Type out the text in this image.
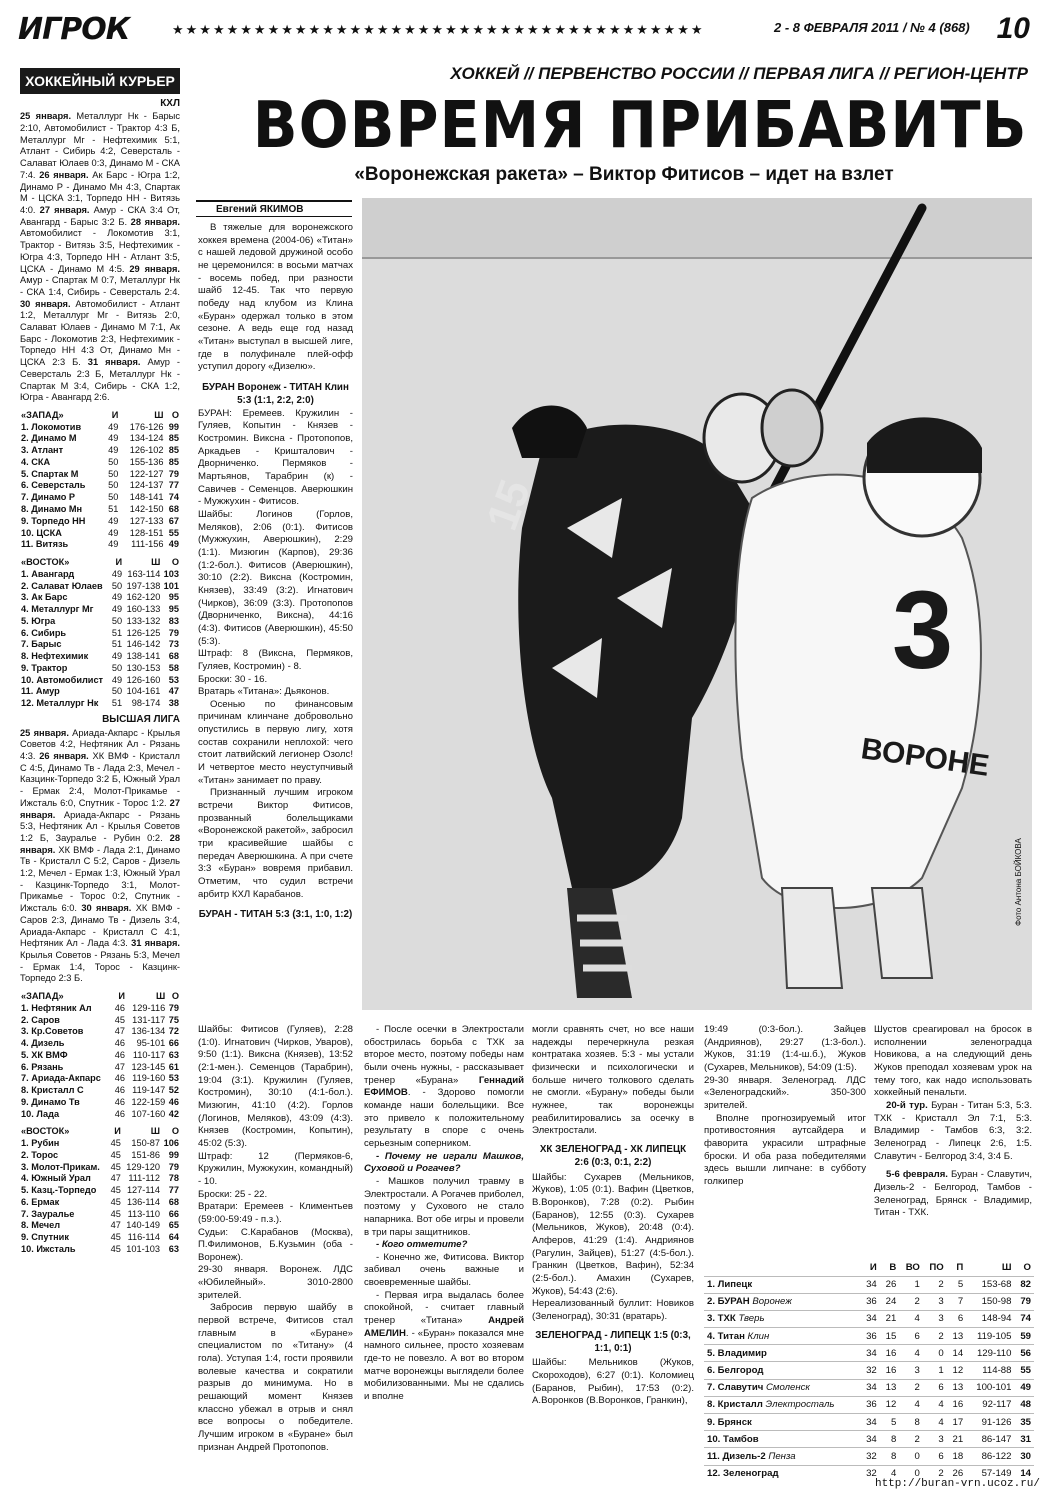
ИГРОК	★★★★★★★★★★★★★★★★★★★★★★★★★★★★★★★★★★★★★★★	2 - 8 ФЕВРАЛЯ 2011 / № 4 (868) 10
ХОККЕЙ // ПЕРВЕНСТВО РОССИИ // ПЕРВАЯ ЛИГА // РЕГИОН-ЦЕНТР
ВОВРЕМЯ ПРИБАВИТЬ
«Воронежская ракета» – Виктор Фитисов – идет на взлет
ХОККЕЙНЫЙ КУРЬЕР
КХЛ
25 января. Металлург Нк - Барыс 2:10, Автомобилист - Трактор 4:3 Б, Металлург Мг - Нефтехимик 5:1, Атлант - Сибирь 4:2, Северсталь - Салават Юлаев 0:3, Динамо М - СКА 7:4. 26 января. Ак Барс - Югра 1:2, Динамо Р - Динамо Мн 4:3, Спартак М - ЦСКА 3:1, Торпедо НН - Витязь 4:0. 27 января. Амур - СКА 3:4 От, Авангард - Барыс 3:2 Б. 28 января. Автомобилист - Локомотив 3:1, Трактор - Витязь 3:5, Нефтехимик - Югра 4:3, Торпедо НН - Атлант 3:5, ЦСКА - Динамо М 4:5. 29 января. Амур - Спартак М 0:7, Металлург Нк - СКА 1:4, Сибирь - Северсталь 2:4. 30 января. Автомобилист - Атлант 1:2, Металлург Мг - Витязь 2:0, Салават Юлаев - Динамо М 7:1, Ак Барс - Локомотив 2:3, Нефтехимик - Торпедо НН 4:3 От, Динамо Мн - ЦСКА 2:3 Б. 31 января. Амур - Северсталь 2:3 Б, Металлург Нк - Спартак М 3:4, Сибирь - СКА 1:2, Югра - Авангард 2:6.
«ЗАПАД»	И	Ш	О
1. Локомотив	49	176-126	99
2. Динамо М	49	134-124	85
3. Атлант	49	126-102	85
4. СКА	50	155-136	85
5. Спартак М	50	122-127	79
6. Северсталь	50	124-137	77
7. Динамо Р	50	148-141	74
8. Динамо Мн	51	142-150	68
9. Торпедо НН	49	127-133	67
10. ЦСКА	49	128-151	55
11. Витязь	49	111-156	49
«ВОСТОК»	И	Ш	О
1. Авангард	49	163-114	103
2. Салават Юлаев	50	197-138	101
3. Ак Барс	49	162-120	95
4. Металлург Мг	49	160-133	95
5. Югра	50	133-132	83
6. Сибирь	51	126-125	79
7. Барыс	51	146-142	73
8. Нефтехимик	49	138-141	68
9. Трактор	50	130-153	58
10. Автомобилист	49	126-160	53
11. Амур	50	104-161	47
12. Металлург Нк	51	98-174	38
ВЫСШАЯ ЛИГА
25 января. Ариада-Акпарс - Крылья Советов 4:2, Нефтяник Ал - Рязань 4:3. 26 января. ХК ВМФ - Кристалл С 4:5, Динамо Тв - Лада 2:3, Мечел - Казцинк-Торпедо 3:2 Б, Южный Урал - Ермак 2:4, Молот-Прикамье - Ижсталь 6:0, Спутник - Торос 1:2. 27 января. Ариада-Акпарс - Рязань 5:3, Нефтяник Ал - Крылья Советов 1:2 Б, Зауралье - Рубин 0:2. 28 января. ХК ВМФ - Лада 2:1, Динамо Тв - Кристалл С 5:2, Саров - Дизель 1:2, Мечел - Ермак 1:3, Южный Урал - Казцинк-Торпедо 3:1, Молот-Прикамье - Торос 0:2, Спутник - Ижсталь 6:0. 30 января. ХК ВМФ - Саров 2:3, Динамо Тв - Дизель 3:4, Ариада-Акпарс - Кристалл С 4:1, Нефтяник Ал - Лада 4:3. 31 января. Крылья Советов - Рязань 5:3, Мечел - Ермак 1:4, Торос - Казцинк-Торпедо 2:3 Б.
«ЗАПАД»	И	Ш	О
1. Нефтяник Ал	46	129-116	79
2. Саров	45	131-117	75
3. Кр.Советов	47	136-134	72
4. Дизель	46	95-101	66
5. ХК ВМФ	46	110-117	63
6. Рязань	47	123-145	61
7. Ариада-Акпарс	46	119-160	53
8. Кристалл С	46	119-147	52
9. Динамо Тв	46	122-159	46
10. Лада	46	107-160	42
«ВОСТОК»	И	Ш	О
1. Рубин	45	150-87	106
2. Торос	45	151-86	99
3. Молот-Прикам.	45	129-120	79
4. Южный Урал	47	111-112	78
5. Казц.-Торпедо	45	127-114	77
6. Ермак	45	136-114	68
7. Зауралье	45	113-110	66
8. Мечел	47	140-149	65
9. Спутник	45	116-114	64
10. Ижсталь	45	101-103	63
Евгений ЯКИМОВ

В тяжелые для воронежского хоккея времена (2004-06) «Титан» с нашей ледовой дружиной особо не церемонился: в восьми матчах - восемь побед, при разности шайб 12-45. Так что первую победу над клубом из Клина «Буран» одержал только в этом сезоне. А ведь еще год назад «Титан» выступал в высшей лиге, где в полуфинале плей-офф уступил дорогу «Дизелю».

БУРАН Воронеж - ТИТАН Клин 5:3 (1:1, 2:2, 2:0)

БУРАН: Еремеев. Кружилин - Гуляев, Копытин - Князев - Костромин. Виксна - Протопопов, Аркадьев - Кришталович - Дворниченко. Пермяков - Мартьянов, Тарабрин (к) - Савичев - Семенцов. Аверюшкин - Мужжухин - Фитисов.

Шайбы: Логинов (Горлов, Меляков), 2:06 (0:1). Фитисов (Мужжухин, Аверюшкин), 2:29 (1:1). Мизюгин (Карпов), 29:36 (1:2-бол.). Фитисов (Аверюшкин), 30:10 (2:2). Виксна (Костромин, Князев), 33:49 (3:2). Игнатович (Чирков), 36:09 (3:3). Протопопов (Дворниченко, Виксна), 44:16 (4:3). Фитисов (Аверюшкин), 45:50 (5:3).

Штраф: 8 (Виксна, Пермяков, Гуляев, Костромин) - 8.

Броски: 30 - 16.

Вратарь «Титана»: Дьяконов.

Осенью по финансовым причинам клинчане добровольно опустились в первую лигу, хотя состав сохранили неплохой: чего стоит латвийский легионер Озолс! И четвертое место неуступчивый «Титан» занимает по праву.

Признанный лучшим игроком встречи Виктор Фитисов, прозванный болельщиками «Воронежской ракетой», забросил три красивейшие шайбы с передач Аверюшкина. А при счете 3:3 «Буран» вовремя прибавил. Отметим, что судил встречи арбитр КХЛ Карабанов.

БУРАН - ТИТАН 5:3 (3:1, 1:0, 1:2)

15
3
ВОРОНЕ
Фото Антона БОЙКОВА

Шайбы: Фитисов (Гуляев), 2:28 (1:0). Игнатович (Чирков, Уваров), 9:50 (1:1). Виксна (Князев), 13:52 (2:1-мен.). Семенцов (Тарабрин), 19:04 (3:1). Кружилин (Гуляев, Костромин), 30:10 (4:1-бол.). Мизюгин, 41:10 (4:2). Горлов (Логинов, Меляков), 43:09 (4:3). Князев (Костромин, Копытин), 45:02 (5:3).

Штраф: 12 (Пермяков-6, Кружилин, Мужжухин, командный) - 10.

Броски: 25 - 22.

Вратари: Еремеев - Климентьев (59:00-59:49 - п.з.).

Судьи: С.Карабанов (Москва), П.Филимонов, Б.Кузьмин (оба - Воронеж).

29-30 января. Воронеж. ЛДС «Юбилейный». 3010-2800 зрителей.

Забросив первую шайбу в первой встрече, Фитисов стал главным в «Буране» специалистом по «Титану» (4 гола). Уступая 1:4, гости проявили волевые качества и сократили разрыв до минимума. Но в решающий момент Князев классно убежал в отрыв и снял все вопросы о победителе. Лучшим игроком в «Буране» был признан Андрей Протопопов.

- После осечки в Электростали обострилась борьба с ТХК за второе место, поэтому победы нам были очень нужны, - рассказывает тренер «Бурана» Геннадий ЕФИМОВ. - Здорово помогли команде наши болельщики. Все это привело к положительному результату в споре с очень серьезным соперником.

- Почему не играли Машков, Суховой и Рогачев?

- Машков получил травму в Электростали. А Рогачев приболел, поэтому у Сухового не стало напарника. Вот обе игры и провели в три пары защитников.

- Кого отметите?

- Конечно же, Фитисова. Виктор забивал очень важные и своевременные шайбы.

- Первая игра выдалась более спокойной, - считает главный тренер «Титана» Андрей АМЕЛИН. - «Буран» показался мне намного сильнее, просто хозяевам где-то не повезло. А вот во втором матче воронежцы выглядели более мобилизованными. Мы не сдались и вполне

могли сравнять счет, но все наши надежды перечеркнула резкая контратака хозяев. 5:3 - мы устали физически и психологически и больше ничего толкового сделать не смогли. «Бурану» победы были нужнее, так воронежцы реабилитировались за осечку в Электростали.

ХК ЗЕЛЕНОГРАД - ХК ЛИПЕЦК 2:6 (0:3, 0:1, 2:2)

Шайбы: Сухарев (Мельников, Жуков), 1:05 (0:1). Вафин (Цветков, В.Воронков), 7:28 (0:2). Рыбин (Баранов), 12:55 (0:3). Сухарев (Мельников, Жуков), 20:48 (0:4). Алферов, 41:29 (1:4). Андриянов (Рагулин, Зайцев), 51:27 (4:5-бол.). Гранкин (Цветков, Вафин), 52:34 (2:5-бол.). Амахин (Сухарев, Жуков), 54:43 (2:6).

Нереализованный буллит: Новиков (Зеленоград), 30:31 (вратарь).

ЗЕЛЕНОГРАД - ЛИПЕЦК 1:5 (0:3, 1:1, 0:1)

Шайбы: Мельников (Жуков, Скороходов), 6:27 (0:1). Коломиец (Баранов, Рыбин), 17:53 (0:2). А.Воронков (В.Воронков, Гранкин),

19:49 (0:3-бол.). Зайцев (Андриянов), 29:27 (1:3-бол.). Жуков, 31:19 (1:4-ш.б.), Жуков (Сухарев, Мельников), 54:09 (1:5).

29-30 января. Зеленоград. ЛДС «Зеленоградский». 350-300 зрителей.

Вполне прогнозируемый итог противостояния аутсайдера и фаворита украсили штрафные броски. И оба раза победителями здесь вышли липчане: в субботу голкипер

Шустов среагировал на бросок в исполнении зеленоградца Новикова, а на следующий день Жуков преподал хозяевам урок на тему того, как надо использовать хоккейный пенальти.

20-й тур. Буран - Титан 5:3, 5:3. ТХК - Кристалл Эл 7:1, 5:3. Владимир - Тамбов 6:3, 3:2. Зеленоград - Липецк 2:6, 1:5. Славутич - Белгород 3:4, 3:4 Б.

5-6 февраля. Буран - Славутич, Дизель-2 - Белгород, Тамбов - Зеленоград, Брянск - Владимир, Титан - ТХК.

	И	В	ВО	ПО	П	Ш	О
1. Липецк	34	26	1	2	5	153-68	82
2. БУРАН Воронеж	36	24	2	3	7	150-98	79
3. ТХК Тверь	34	21	4	3	6	148-94	74
4. Титан Клин	36	15	6	2	13	119-105	59
5. Владимир	34	16	4	0	14	129-110	56
6. Белгород	32	16	3	1	12	114-88	55
7. Славутич Смоленск	34	13	2	6	13	100-101	49
8. Кристалл Электросталь	36	12	4	4	16	92-117	48
9. Брянск	34	5	8	4	17	91-126	35
10. Тамбов	34	8	2	3	21	86-147	31
11. Дизель-2 Пенза	32	8	0	6	18	86-122	30
12. Зеленоград	32	4	0	2	26	57-149	14
http://buran-vrn.ucoz.ru/
